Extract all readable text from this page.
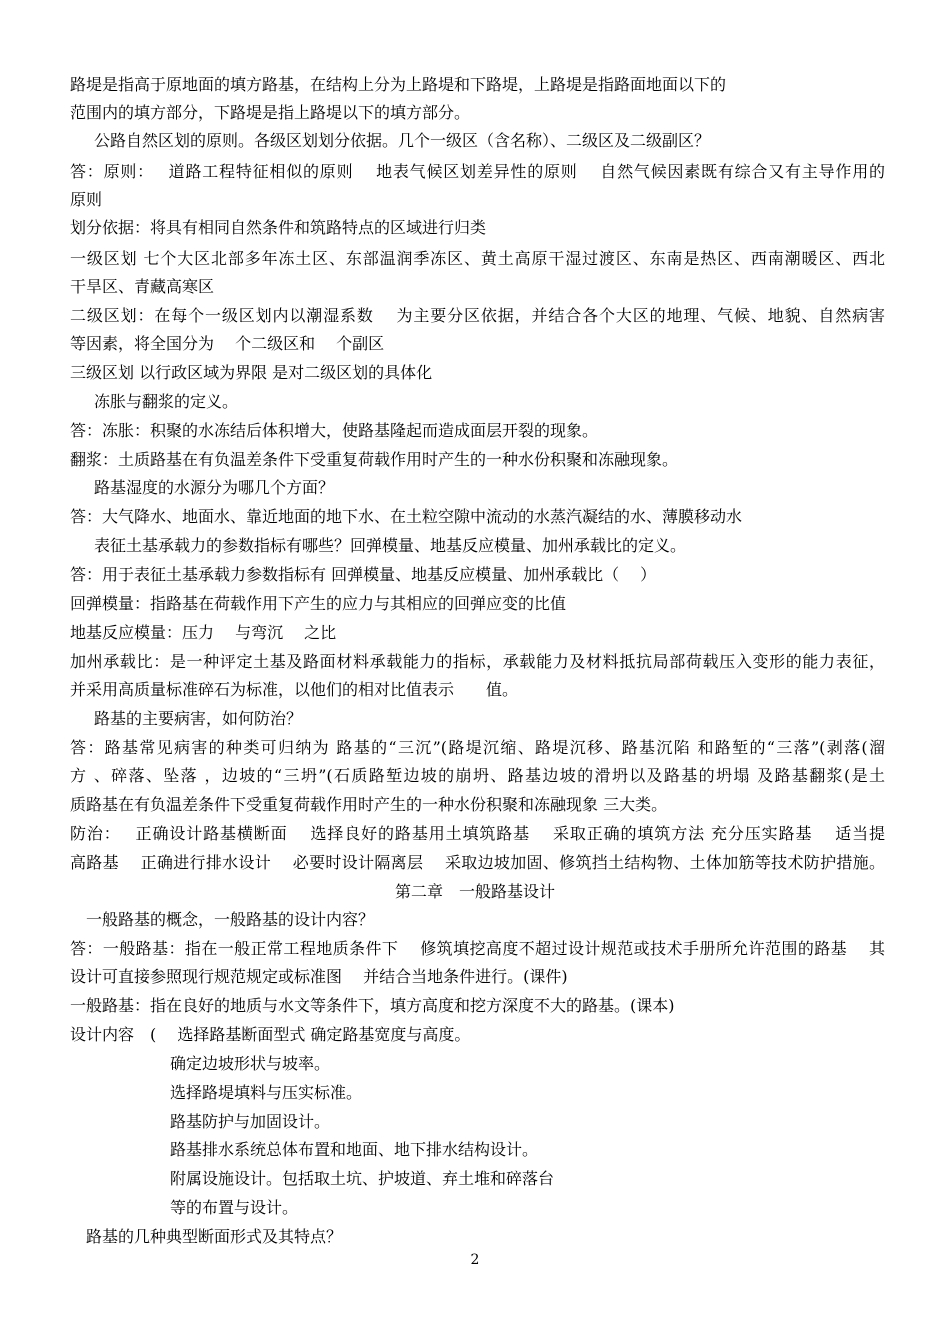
路堤是指高于原地面的填方路基，在结构上分为上路堤和下路堤，上路堤是指路面地面以下的

范围内的填方部分，下路堤是指上路堤以下的填方部分。

公路自然区划的原则。各级区划划分依据。几个一级区（含名称）、二级区及二级副区？

答：原则：　 道路工程特征相似的原则　 地表气候区划差异性的原则　 自然气候因素既有综合又有主导作用的

原则

划分依据：将具有相同自然条件和筑路特点的区域进行归类

一级区划 七个大区北部多年冻土区、东部温润季冻区、黄土高原干湿过渡区、东南是热区、西南潮暖区、西北

干旱区、青藏高寒区

二级区划：在每个一级区划内以潮湿系数　 为主要分区依据，并结合各个大区的地理、气候、地貌、自然病害

等因素，将全国分为　 个二级区和　 个副区

三级区划 以行政区域为界限 是对二级区划的具体化

冻胀与翻浆的定义。

答：冻胀：积聚的水冻结后体积增大，使路基隆起而造成面层开裂的现象。

翻浆：土质路基在有负温差条件下受重复荷载作用时产生的一种水份积聚和冻融现象。

路基湿度的水源分为哪几个方面？

答：大气降水、地面水、靠近地面的地下水、在土粒空隙中流动的水蒸汽凝结的水、薄膜移动水

表征土基承载力的参数指标有哪些？回弹模量、地基反应模量、加州承载比的定义。

答：用于表征土基承载力参数指标有 回弹模量、地基反应模量、加州承载比（　 ）

回弹模量：指路基在荷载作用下产生的应力与其相应的回弹应变的比值

地基反应模量：压力　 与弯沉　 之比

加州承载比：是一种评定土基及路面材料承载能力的指标，承载能力及材料抵抗局部荷载压入变形的能力表征，

并采用高质量标准碎石为标准，以他们的相对比值表示　　值。

路基的主要病害，如何防治？

答：路基常见病害的种类可归纳为 路基的“三沉”(路堤沉缩、路堤沉移、路基沉陷 和路堑的“三落”(剥落(溜

方 、碎落、坠落 ，边坡的“三坍”(石质路堑边坡的崩坍、路基边坡的滑坍以及路基的坍塌 及路基翻浆(是土

质路基在有负温差条件下受重复荷载作用时产生的一种水份积聚和冻融现象 三大类。

防治：　 正确设计路基横断面　 选择良好的路基用土填筑路基　 采取正确的填筑方法 充分压实路基　 适当提

高路基　 正确进行排水设计　 必要时设计隔离层　 采取边坡加固、修筑挡土结构物、土体加筋等技术防护措施。

第二章　一般路基设计

一般路基的概念，一般路基的设计内容？

答：一般路基：指在一般正常工程地质条件下　 修筑填挖高度不超过设计规范或技术手册所允许范围的路基　 其

设计可直接参照现行规范规定或标准图　 并结合当地条件进行。(课件)

一般路基：指在良好的地质与水文等条件下，填方高度和挖方深度不大的路基。(课本)

设计内容　(　 选择路基断面型式 确定路基宽度与高度。

确定边坡形状与坡率。

选择路堤填料与压实标准。

路基防护与加固设计。

路基排水系统总体布置和地面、地下排水结构设计。

附属设施设计。包括取土坑、护坡道、弃土堆和碎落台

等的布置与设计。

路基的几种典型断面形式及其特点？

2
